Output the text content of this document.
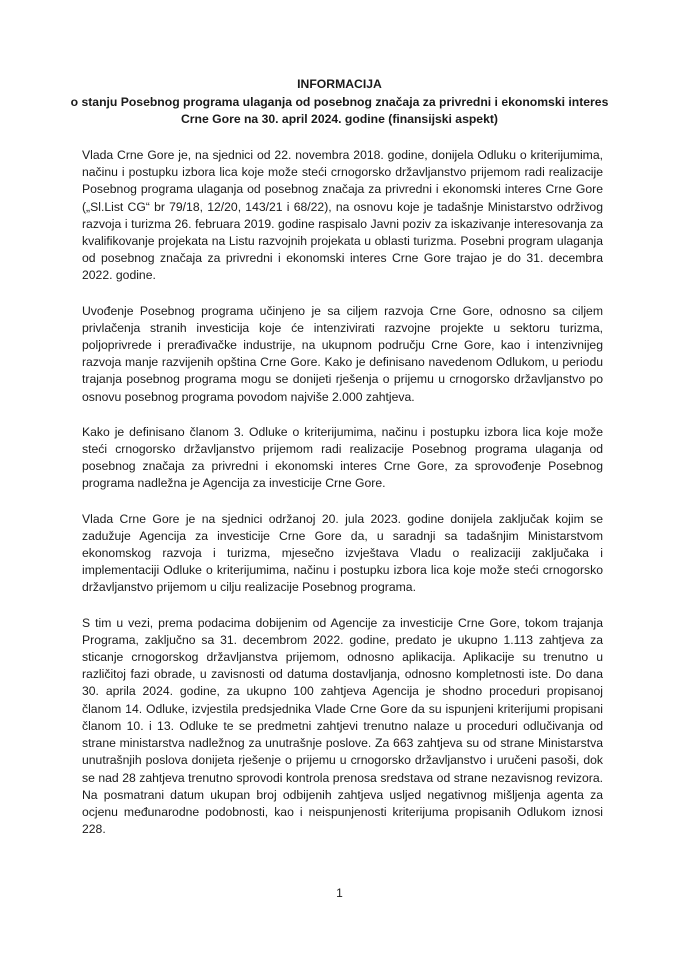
INFORMACIJA
o stanju Posebnog programa ulaganja od posebnog značaja za privredni i ekonomski interes Crne Gore na 30. april 2024. godine (finansijski aspekt)

Vlada Crne Gore je, na sjednici od 22. novembra 2018. godine, donijela Odluku o kriterijumima, načinu i postupku izbora lica koje može steći crnogorsko državljanstvo prijemom radi realizacije Posebnog programa ulaganja od posebnog značaja za privredni i ekonomski interes Crne Gore („Sl.List CG“ br 79/18, 12/20, 143/21 i 68/22), na osnovu koje je tadašnje Ministarstvo održivog razvoja i turizma 26. februara 2019. godine raspisalo Javni poziv za iskazivanje interesovanja za kvalifikovanje projekata na Listu razvojnih projekata u oblasti turizma. Posebni program ulaganja od posebnog značaja za privredni i ekonomski interes Crne Gore trajao je do 31. decembra 2022. godine.

Uvođenje Posebnog programa učinjeno je sa ciljem razvoja Crne Gore, odnosno sa ciljem privlačenja stranih investicija koje će intenzivirati razvojne projekte u sektoru turizma, poljoprivrede i prerađivačke industrije, na ukupnom području Crne Gore, kao i intenzivnijeg razvoja manje razvijenih opština Crne Gore. Kako je definisano navedenom Odlukom, u periodu trajanja posebnog programa mogu se donijeti rješenja o prijemu u crnogorsko državljanstvo po osnovu posebnog programa povodom najviše 2.000 zahtjeva.

Kako je definisano članom 3. Odluke o kriterijumima, načinu i postupku izbora lica koje može steći crnogorsko državljanstvo prijemom radi realizacije Posebnog programa ulaganja od posebnog značaja za privredni i ekonomski interes Crne Gore, za sprovođenje Posebnog programa nadležna je Agencija za investicije Crne Gore.

Vlada Crne Gore je na sjednici održanoj 20. jula 2023. godine donijela zaključak kojim se zadužuje Agencija za investicije Crne Gore da, u saradnji sa tadašnjim Ministarstvom ekonomskog razvoja i turizma, mjesečno izvještava Vladu o realizaciji zaključaka i implementaciji Odluke o kriterijumima, načinu i postupku izbora lica koje može steći crnogorsko državljanstvo prijemom u cilju realizacije Posebnog programa.

S tim u vezi, prema podacima dobijenim od Agencije za investicije Crne Gore, tokom trajanja Programa, zaključno sa 31. decembrom 2022. godine, predato je ukupno 1.113 zahtjeva za sticanje crnogorskog državljanstva prijemom, odnosno aplikacija. Aplikacije su trenutno u različitoj fazi obrade, u zavisnosti od datuma dostavljanja, odnosno kompletnosti iste. Do dana 30. aprila 2024. godine, za ukupno 100 zahtjeva Agencija je shodno proceduri propisanoj članom 14. Odluke, izvjestila predsjednika Vlade Crne Gore da su ispunjeni kriterijumi propisani članom 10. i 13. Odluke te se predmetni zahtjevi trenutno nalaze u proceduri odlučivanja od strane ministarstva nadležnog za unutrašnje poslove. Za 663 zahtjeva su od strane Ministarstva unutrašnjih poslova donijeta rješenje o prijemu u crnogorsko državljanstvo i uručeni pasoši, dok se nad 28 zahtjeva trenutno sprovodi kontrola prenosa sredstava od strane nezavisnog revizora. Na posmatrani datum ukupan broj odbijenih zahtjeva usljed negativnog mišljenja agenta za ocjenu međunarodne podobnosti, kao i neispunjenosti kriterijuma propisanih Odlukom iznosi 228.

1
